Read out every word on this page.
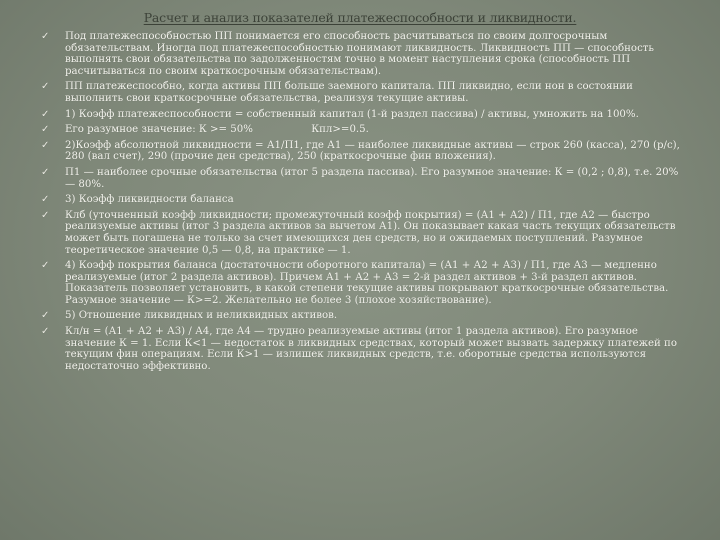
Расчет и анализ показателей платежеспособности и ликвидности.
✓ Под платежеспособностью ПП понимается его способность расчитываться по своим долгосрочным обязательствам. Иногда под платежеспособностью понимают ликвидность. Ликвидность ПП — способность выполнять свои обязательства по задолженностям точно в момент наступления срока (способность ПП расчитываться по своим краткосрочным обязательствам).
✓ ПП платежеспособно, когда активы ПП больше заемного капитала. ПП ликвидно, если нон в состоянии выполнить свои краткосрочные обязательства, реализуя текущие активы.
✓ 1) Коэфф платежеспособности = собственный капитал (1-й раздел пассива) / активы, умножить на 100%.
✓ Его разумное значение: К >= 50%                  Кпл>=0.5.
✓ 2)Коэфф абсолютной ликвидности = А1/П1, где А1 — наиболее ликвидные активы — строк 260 (касса), 270 (р/с), 280 (вал счет), 290 (прочие ден средства), 250 (краткосрочные фин вложения).
✓ П1 — наиболее срочные обязательства (итог 5 раздела пассива). Его разумное значение: К = (0,2 ; 0,8), т.е. 20% — 80%.
✓ 3) Коэфф ликвидности баланса
✓ Клб (уточненный коэфф ликвидности; промежуточный коэфф покрытия) = (А1 + А2) / П1, где А2 — быстро реализуемые активы (итог 3 раздела активов за вычетом А1). Он показывает какая часть текущих обязательств может быть погашена не только за счет имеющихся ден средств, но и ожидаемых поступлений. Разумное теоретическое значение 0,5 — 0,8, на практике — 1.
✓ 4) Коэфф покрытия баланса (достаточности оборотного капитала) = (А1 + А2 + А3) / П1, где А3 — медленно реализуемые (итог 2 раздела активов). Причем А1 + А2 + А3 = 2-й раздел активов + 3-й раздел активов. Показатель позволяет установить, в какой степени текущие активы покрывают краткосрочные обязательства. Разумное значение — К>=2. Желательно не более 3 (плохое хозяйствование).
✓ 5) Отношение ликвидных и неликвидных активов.
✓ Кл/н = (А1 + А2 + А3) / А4, где А4 — трудно реализуемые активы (итог 1 раздела активов). Его разумное значение К = 1. Если К<1 — недостаток в ликвидных средствах, который может вызвать задержку платежей по текущим фин операциям. Если К>1 — излишек ликвидных средств, т.е. оборотные средства используются недостаточно эффективно.
